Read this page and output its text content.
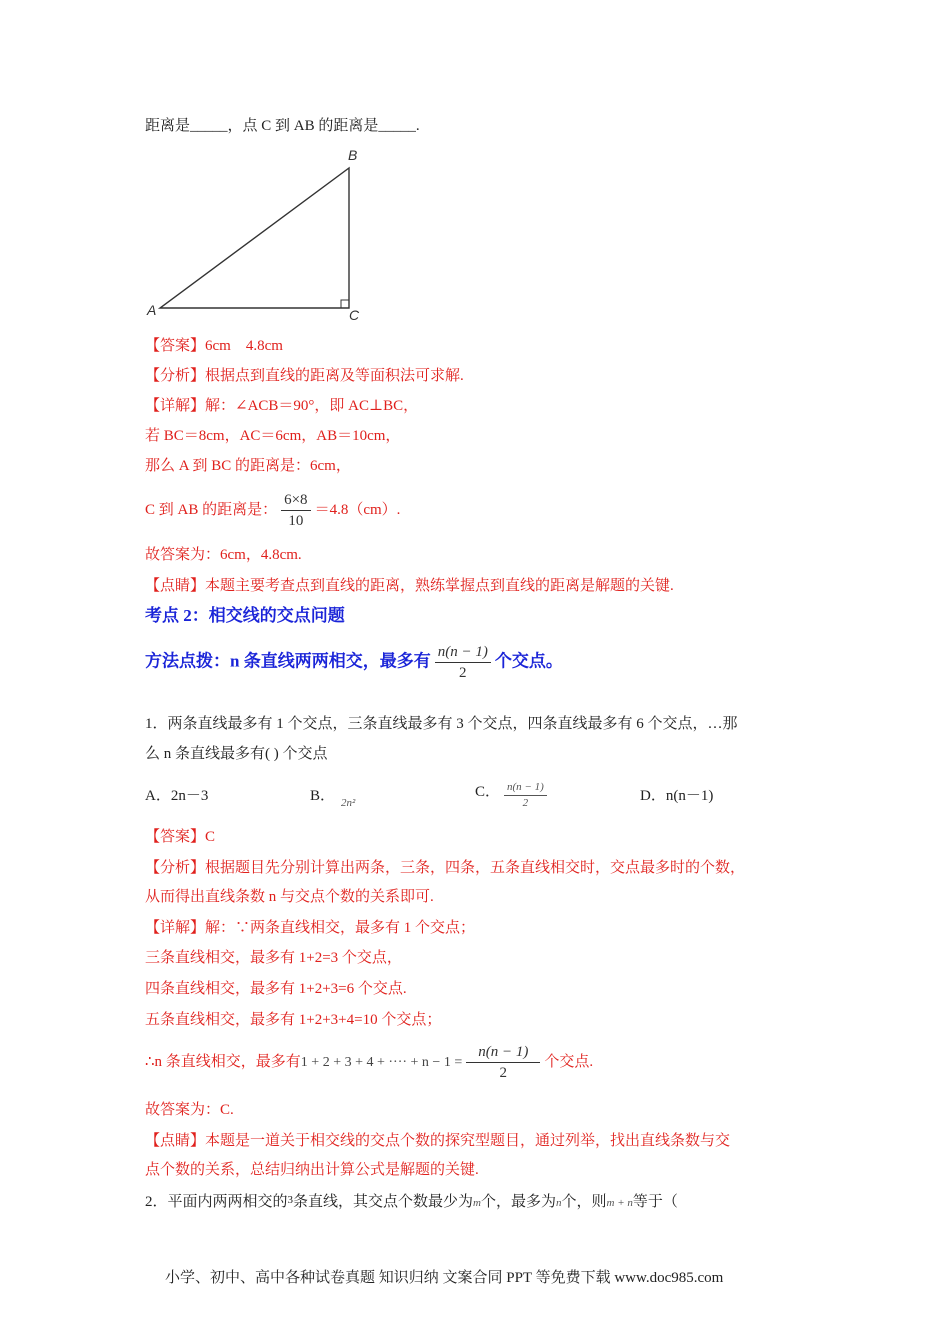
距离是_____，点 C 到 AB 的距离是_____.
A
B
C
【答案】6cm　4.8cm
【分析】根据点到直线的距离及等面积法可求解.
【详解】解：∠ACB＝90°，即 AC⊥BC，
若 BC＝8cm，AC＝6cm，AB＝10cm，
那么 A 到 BC 的距离是：6cm，
C 到 AB 的距离是： $\frac{6\times 8}{10} =4.8(cm)$.
故答案为：6cm，4.8cm.
【点睛】本题主要考查点到直线的距离，熟练掌握点到直线的距离是解题的关键.
考点 2：相交线的交点问题
方法点拨：n 条直线两两相交，最多有 $\frac{n(n - 1)}{2}$ 个交点。
1．两条直线最多有 1 个交点，三条直线最多有 3 个交点，四条直线最多有 6 个交点，…那
么 n 条直线最多有( ) 个交点
A．2n－3	B． $_{2n^2}$
C． $\frac{n(n - 1)}{2}$	D．n(n－1)
【答案】C
【分析】根据题目先分别计算出两条，三条，四条，五条直线相交时，交点最多时的个数，
从而得出直线条数 n 与交点个数的关系即可.
【详解】解：∵两条直线相交，最多有 1 个交点；
三条直线相交，最多有 1+2=3 个交点，
四条直线相交，最多有 1+2+3=6 个交点.
五条直线相交，最多有 1+2+3+4=10 个交点；
∴n 条直线相交，最多有1 + 2 + 3 + 4 + ···· + $n - 1 = \frac{n(n - 1)}{2}$ 个交点.
故答案为：C.
【点睛】本题是一道关于相交线的交点个数的探究型题目，通过列举，找出直线条数与交
点个数的关系，总结归纳出计算公式是解题的关键.
2．平面内两两相交的$^3$条直线，其交点个数最少为m个，最多为n个，则m + n等于（
小学、初中、高中各种试卷真题 知识归纳 文案合同 PPT 等免费下载 www.doc985.com
